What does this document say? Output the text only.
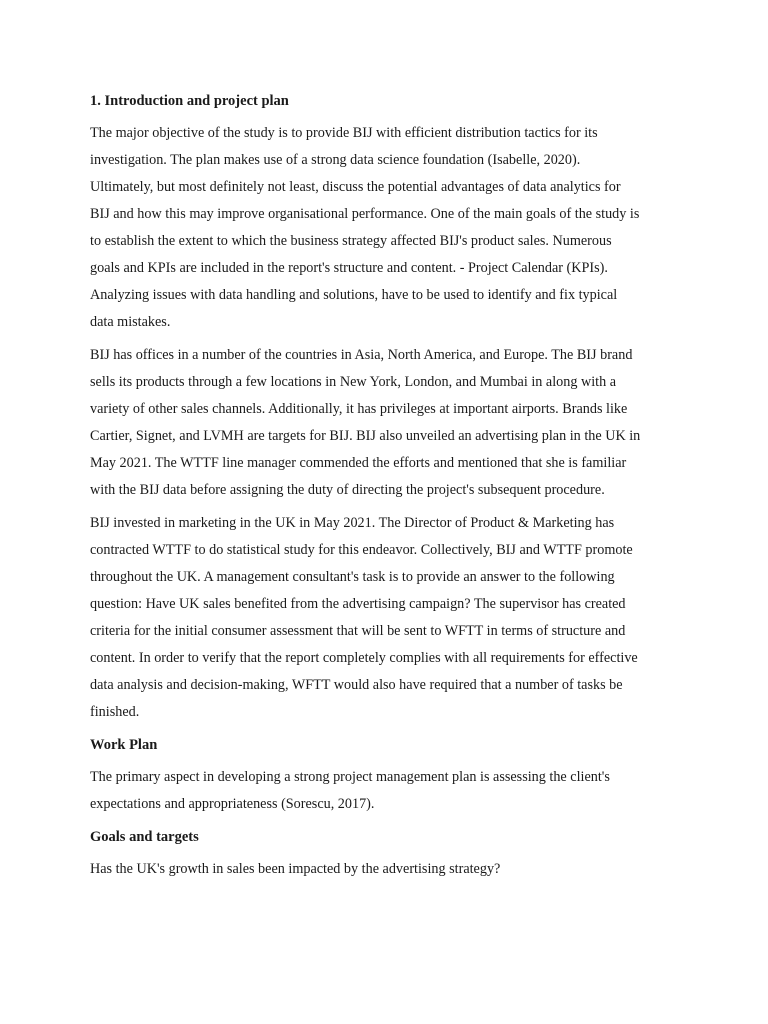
1. Introduction and project plan

The major objective of the study is to provide BIJ with efficient distribution tactics for its
investigation. The plan makes use of a strong data science foundation (Isabelle, 2020).
Ultimately, but most definitely not least, discuss the potential advantages of data analytics for
BIJ and how this may improve organisational performance. One of the main goals of the study is
to establish the extent to which the business strategy affected BIJ's product sales. Numerous
goals and KPIs are included in the report's structure and content. - Project Calendar (KPIs).
Analyzing issues with data handling and solutions, have to be used to identify and fix typical
data mistakes.

BIJ has offices in a number of the countries in Asia, North America, and Europe. The BIJ brand
sells its products through a few locations in New York, London, and Mumbai in along with a
variety of other sales channels. Additionally, it has privileges at important airports. Brands like
Cartier, Signet, and LVMH are targets for BIJ. BIJ also unveiled an advertising plan in the UK in
May 2021. The WTTF line manager commended the efforts and mentioned that she is familiar
with the BIJ data before assigning the duty of directing the project's subsequent procedure.

BIJ invested in marketing in the UK in May 2021. The Director of Product & Marketing has
contracted WTTF to do statistical study for this endeavor. Collectively, BIJ and WTTF promote
throughout the UK. A management consultant's task is to provide an answer to the following
question: Have UK sales benefited from the advertising campaign? The supervisor has created
criteria for the initial consumer assessment that will be sent to WFTT in terms of structure and
content. In order to verify that the report completely complies with all requirements for effective
data analysis and decision-making, WFTT would also have required that a number of tasks be
finished.

Work Plan

The primary aspect in developing a strong project management plan is assessing the client's
expectations and appropriateness (Sorescu, 2017).

Goals and targets

Has the UK's growth in sales been impacted by the advertising strategy?
